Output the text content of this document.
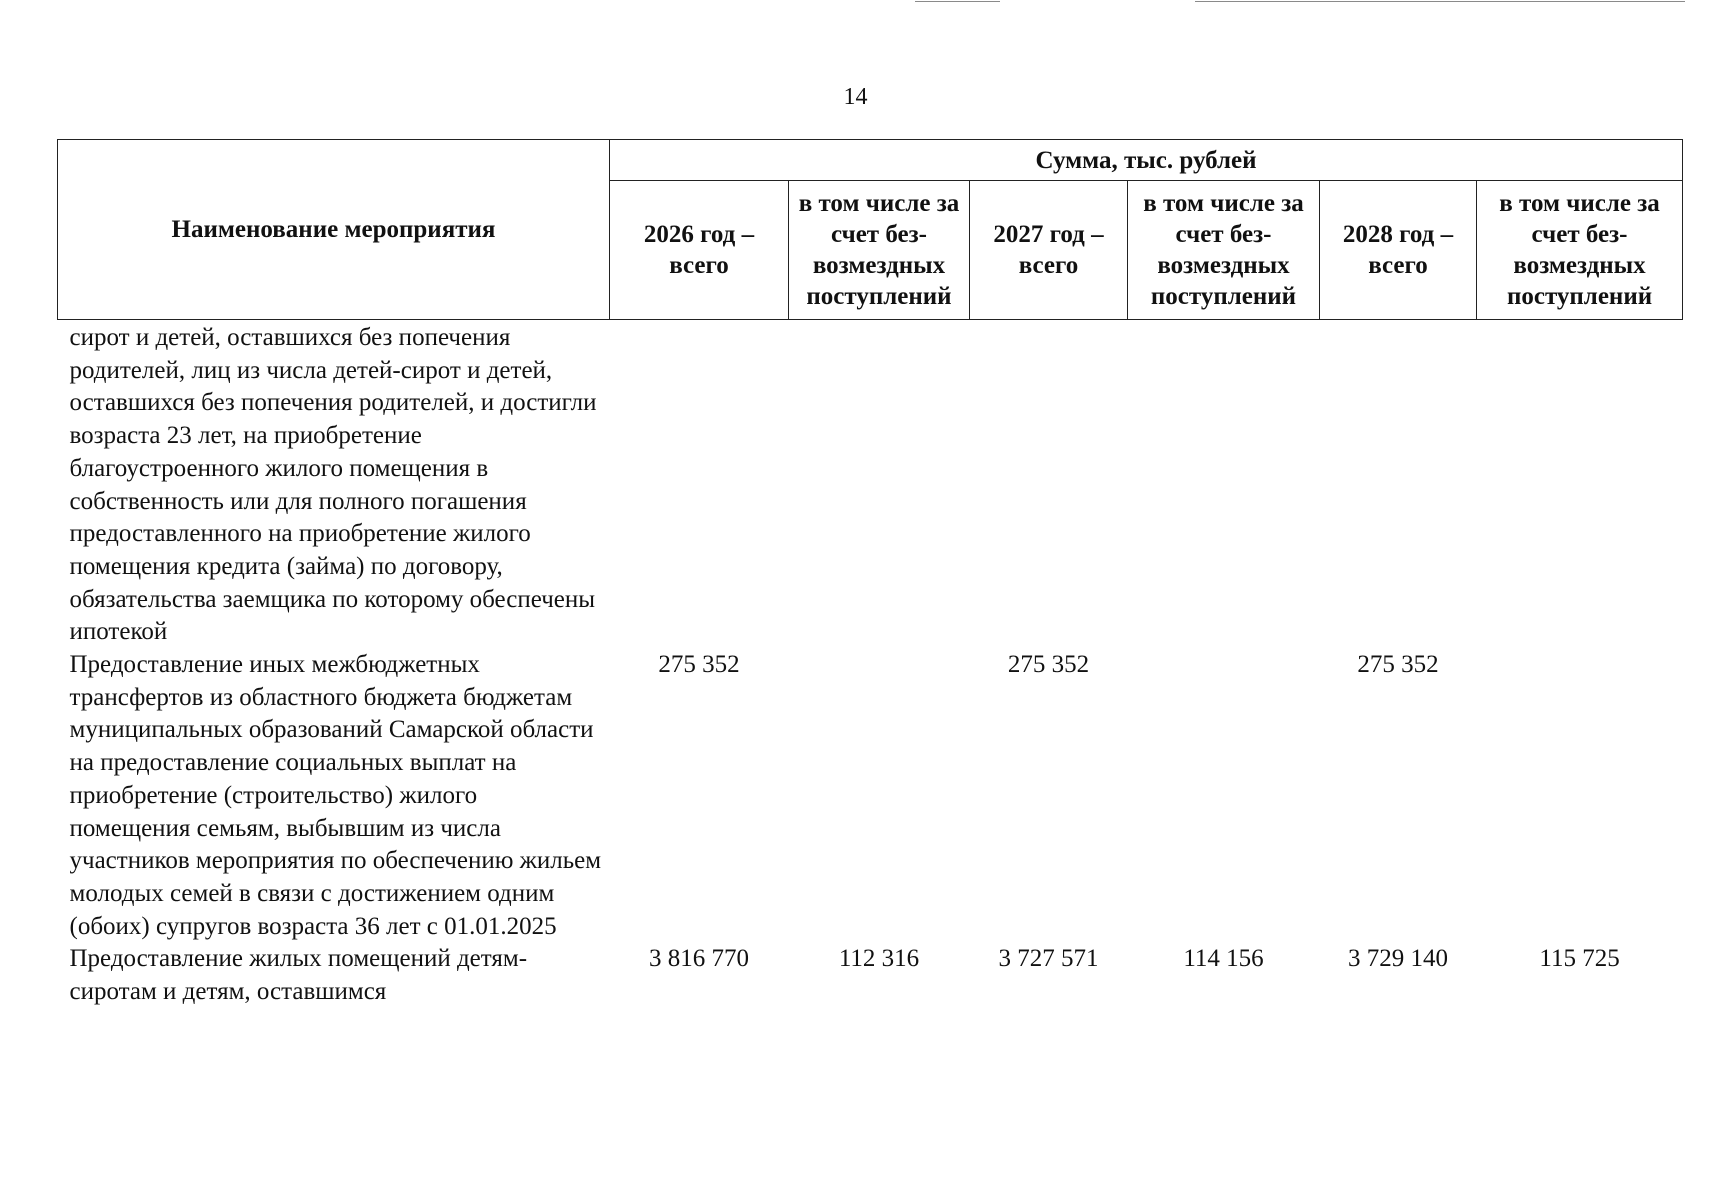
14
Наименование мероприятия	Сумма, тыс. рублей					
	2026 год – всего	в том числе за счет без-возмездных поступлений	2027 год – всего	в том числе за счет без-возмездных поступлений	2028 год – всего	в том числе за счет без-возмездных поступлений
сирот и детей, оставшихся без попечения родителей, лиц из числа детей-сирот и детей, оставшихся без попечения родителей, и достигли возраста 23 лет, на приобретение благоустроенного жилого помещения в собственность или для полного погашения предоставленного на приобретение жилого помещения кредита (займа) по договору, обязательства заемщика по которому обеспечены ипотекой						
Предоставление иных межбюджетных трансфертов из областного бюджета бюджетам муниципальных образований Самарской области на предоставление социальных выплат на приобретение (строительство) жилого помещения семьям, выбывшим из числа участников мероприятия по обеспечению жильем молодых семей в связи с достижением одним (обоих) супругов возраста 36 лет с 01.01.2025	275 352		275 352		275 352	
Предоставление жилых помещений детям-сиротам и детям, оставшимся	3 816 770	112 316	3 727 571	114 156	3 729 140	115 725
